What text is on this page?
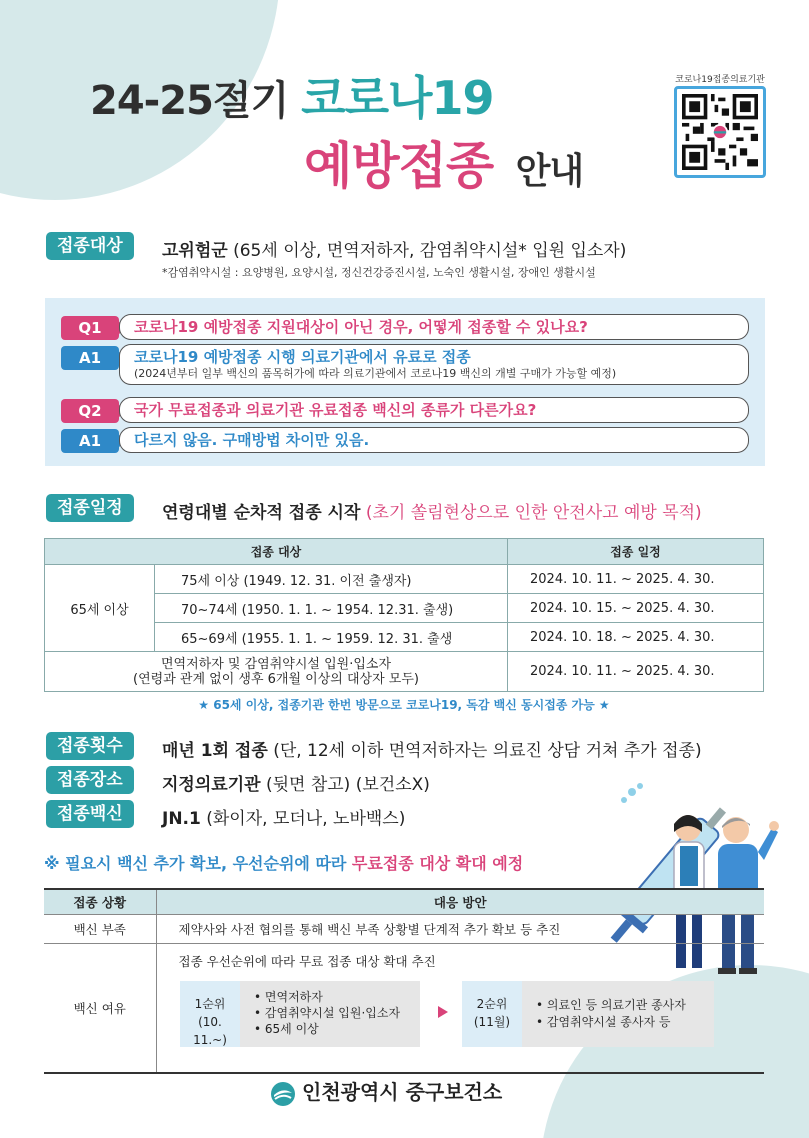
24-25절기 코로나19
예방접종 안내
코로나19접종의료기관
접종대상	고위험군 (65세 이상, 면역저하자, 감염취약시설* 입원 입소자)
*감염취약시설 : 요양병원, 요양시설, 정신건강증진시설, 노숙인 생활시설, 장애인 생활시설
Q1	코로나19 예방접종 지원대상이 아닌 경우, 어떻게 접종할 수 있나요?
A1	코로나19 예방접종 시행 의료기관에서 유료로 접종
(2024년부터 일부 백신의 품목허가에 따라 의료기관에서 코로나19 백신의 개별 구매가 가능할 예정)
Q2	국가 무료접종과 의료기관 유료접종 백신의 종류가 다른가요?
A1	다르지 않음. 구매방법 차이만 있음.
접종일정	연령대별 순차적 접종 시작 (초기 쏠림현상으로 인한 안전사고 예방 목적)
접종 대상		접종 일정
65세 이상	75세 이상 (1949. 12. 31. 이전 출생자)	2024. 10. 11. ~ 2025. 4. 30.
	70~74세 (1950. 1. 1. ~ 1954. 12.31. 출생)	2024. 10. 15. ~ 2025. 4. 30.
	65~69세 (1955. 1. 1. ~ 1959. 12. 31. 출생	2024. 10. 18. ~ 2025. 4. 30.

면역저하자 및 감염취약시설 입원·입소자
(연령과 관계 없이 생후 6개월 이상의 대상자 모두)		2024. 10. 11. ~ 2025. 4. 30.
★ 65세 이상, 접종기관 한번 방문으로 코로나19, 독감 백신 동시접종 가능 ★
접종횟수	매년 1회 접종 (단, 12세 이하 면역저하자는 의료진 상담 거쳐 추가 접종)
접종장소	지정의료기관 (뒷면 참고) (보건소X)
접종백신	JN.1 (화이자, 모더나, 노바백스)
※ 필요시 백신 추가 확보, 우선순위에 따라 무료접종 대상 확대 예정
접종 상황	대응 방안
백신 부족	제약사와 사전 협의를 통해 백신 부족 상황별 단계적 추가 확보 등 추진
백신 여유	접종 우선순위에 따라 무료 접종 대상 확대 추진
1순위
(10. 11.~)
• 면역저하자
• 감염취약시설 입원·입소자
• 65세 이상
2순위
(11월)
• 의료인 등 의료기관 종사자
• 감염취약시설 종사자 등
인천광역시 중구보건소
